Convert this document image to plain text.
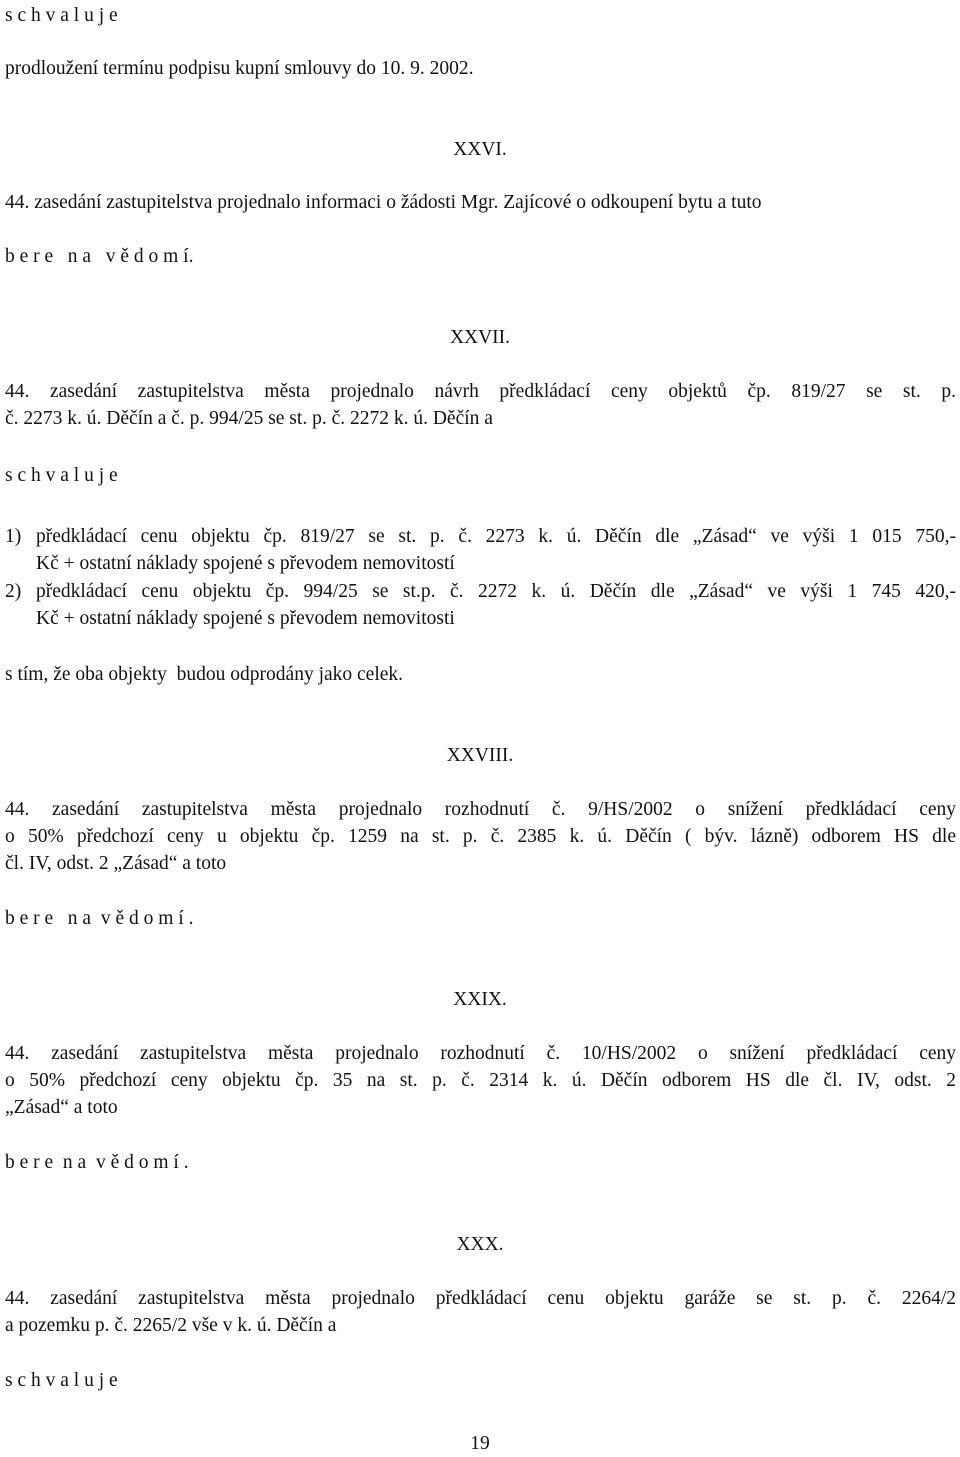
s c h v a l u j e
prodloužení termínu podpisu kupní smlouvy do 10. 9. 2002.
XXVI.
44. zasedání zastupitelstva projednalo informaci o žádosti Mgr. Zajícové o odkoupení bytu a tuto
b e r e   n a   v ě d o m í.
XXVII.
44. zasedání zastupitelstva města projednalo návrh předkládací ceny objektů čp. 819/27 se st. p.
č. 2273 k. ú. Děčín a č. p. 994/25 se st. p. č. 2272 k. ú. Děčín a
s c h v a l u j e
1) předkládací cenu objektu čp. 819/27 se st. p. č. 2273 k. ú. Děčín dle „Zásad“ ve výši 1 015 750,-
Kč + ostatní náklady spojené s převodem nemovitostí
2) předkládací cenu objektu čp. 994/25 se st.p. č. 2272 k. ú. Děčín dle „Zásad“ ve výši 1 745 420,-
Kč + ostatní náklady spojené s převodem nemovitosti
s tím, že oba objekty  budou odprodány jako celek.
XXVIII.
44. zasedání zastupitelstva města projednalo rozhodnutí č. 9/HS/2002 o snížení předkládací ceny
o 50% předchozí ceny u objektu čp. 1259 na st. p. č. 2385 k. ú. Děčín ( býv. lázně) odborem HS dle
čl. IV, odst. 2 „Zásad“ a toto
b e r e   n a  v ě d o m í .
XXIX.
44. zasedání zastupitelstva města projednalo rozhodnutí č. 10/HS/2002 o snížení předkládací ceny
o 50% předchozí ceny objektu čp. 35 na st. p. č. 2314 k. ú. Děčín odborem HS dle čl. IV, odst. 2
„Zásad“ a toto
b e r e  n a  v ě d o m í .
XXX.
44. zasedání zastupitelstva města projednalo předkládací cenu objektu garáže se st. p. č. 2264/2
a pozemku p. č. 2265/2 vše v k. ú. Děčín a
s c h v a l u j e
19
